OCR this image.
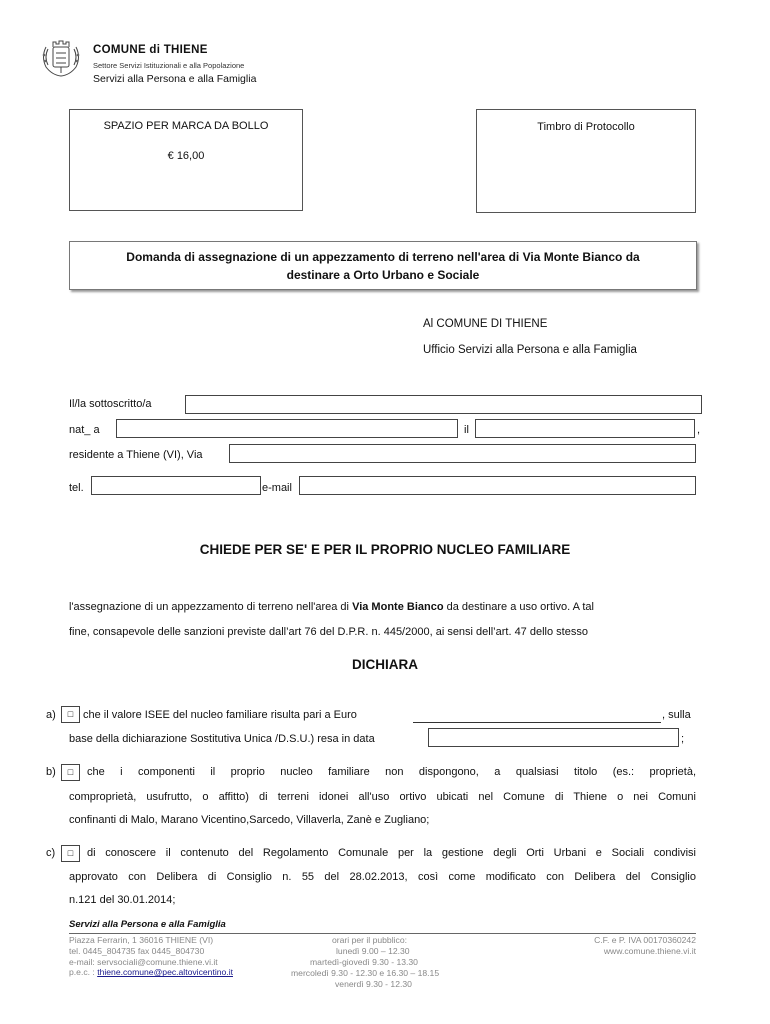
COMUNE di THIENE
Settore Servizi Istituzionali e alla Popolazione
Servizi alla Persona e alla Famiglia
SPAZIO PER MARCA DA BOLLO
€ 16,00
Timbro di Protocollo
Domanda di assegnazione di un appezzamento di terreno nell'area di Via Monte Bianco da
destinare a Orto Urbano e Sociale
Al COMUNE DI THIENE
Ufficio Servizi alla Persona e alla Famiglia
Il/la sottoscritto/a
nat_ a	il	,
residente a Thiene (VI), Via
tel.	e-mail
CHIEDE PER SE' E PER IL PROPRIO NUCLEO FAMILIARE
l'assegnazione di un appezzamento di terreno nell'area di Via Monte Bianco da destinare a uso ortivo. A tal
fine, consapevole delle sanzioni previste dall’art 76 del D.P.R. n. 445/2000, ai sensi dell’art. 47 dello stesso
DICHIARA
a)	□ che il valore ISEE del nucleo familiare risulta pari a Euro	, sulla
base della dichiarazione Sostitutiva Unica /D.S.U.) resa in data	;
b)	□	che i componenti il proprio nucleo familiare non dispongono, a qualsiasi titolo (es.: proprietà,
comproprietà, usufrutto, o affitto) di terreni idonei all'uso ortivo ubicati nel Comune di Thiene o nei Comuni
confinanti di Malo, Marano Vicentino,Sarcedo, Villaverla, Zanè e Zugliano;
c)	□	di conoscere il contenuto del Regolamento Comunale per la gestione degli Orti Urbani e Sociali condivisi
approvato con Delibera di Consiglio n. 55 del 28.02.2013, così come modificato con Delibera del Consiglio
n.121 del 30.01.2014;
Servizi alla Persona e alla Famiglia
Piazza Ferrarin, 1 36016 THIENE (VI)
tel. 0445_804735 fax 0445_804730
e-mail: servsociali@comune.thiene.vi.it
p.e.c. : thiene.comune@pec.altovicentino.it
orari per il pubblico:
lunedì 9.00 – 12.30
martedì-giovedì 9.30 - 13.30
mercoledì 9.30 - 12.30 e 16.30 – 18.15
venerdì 9.30 - 12.30
C.F. e P. IVA 00170360242
www.comune.thiene.vi.it
